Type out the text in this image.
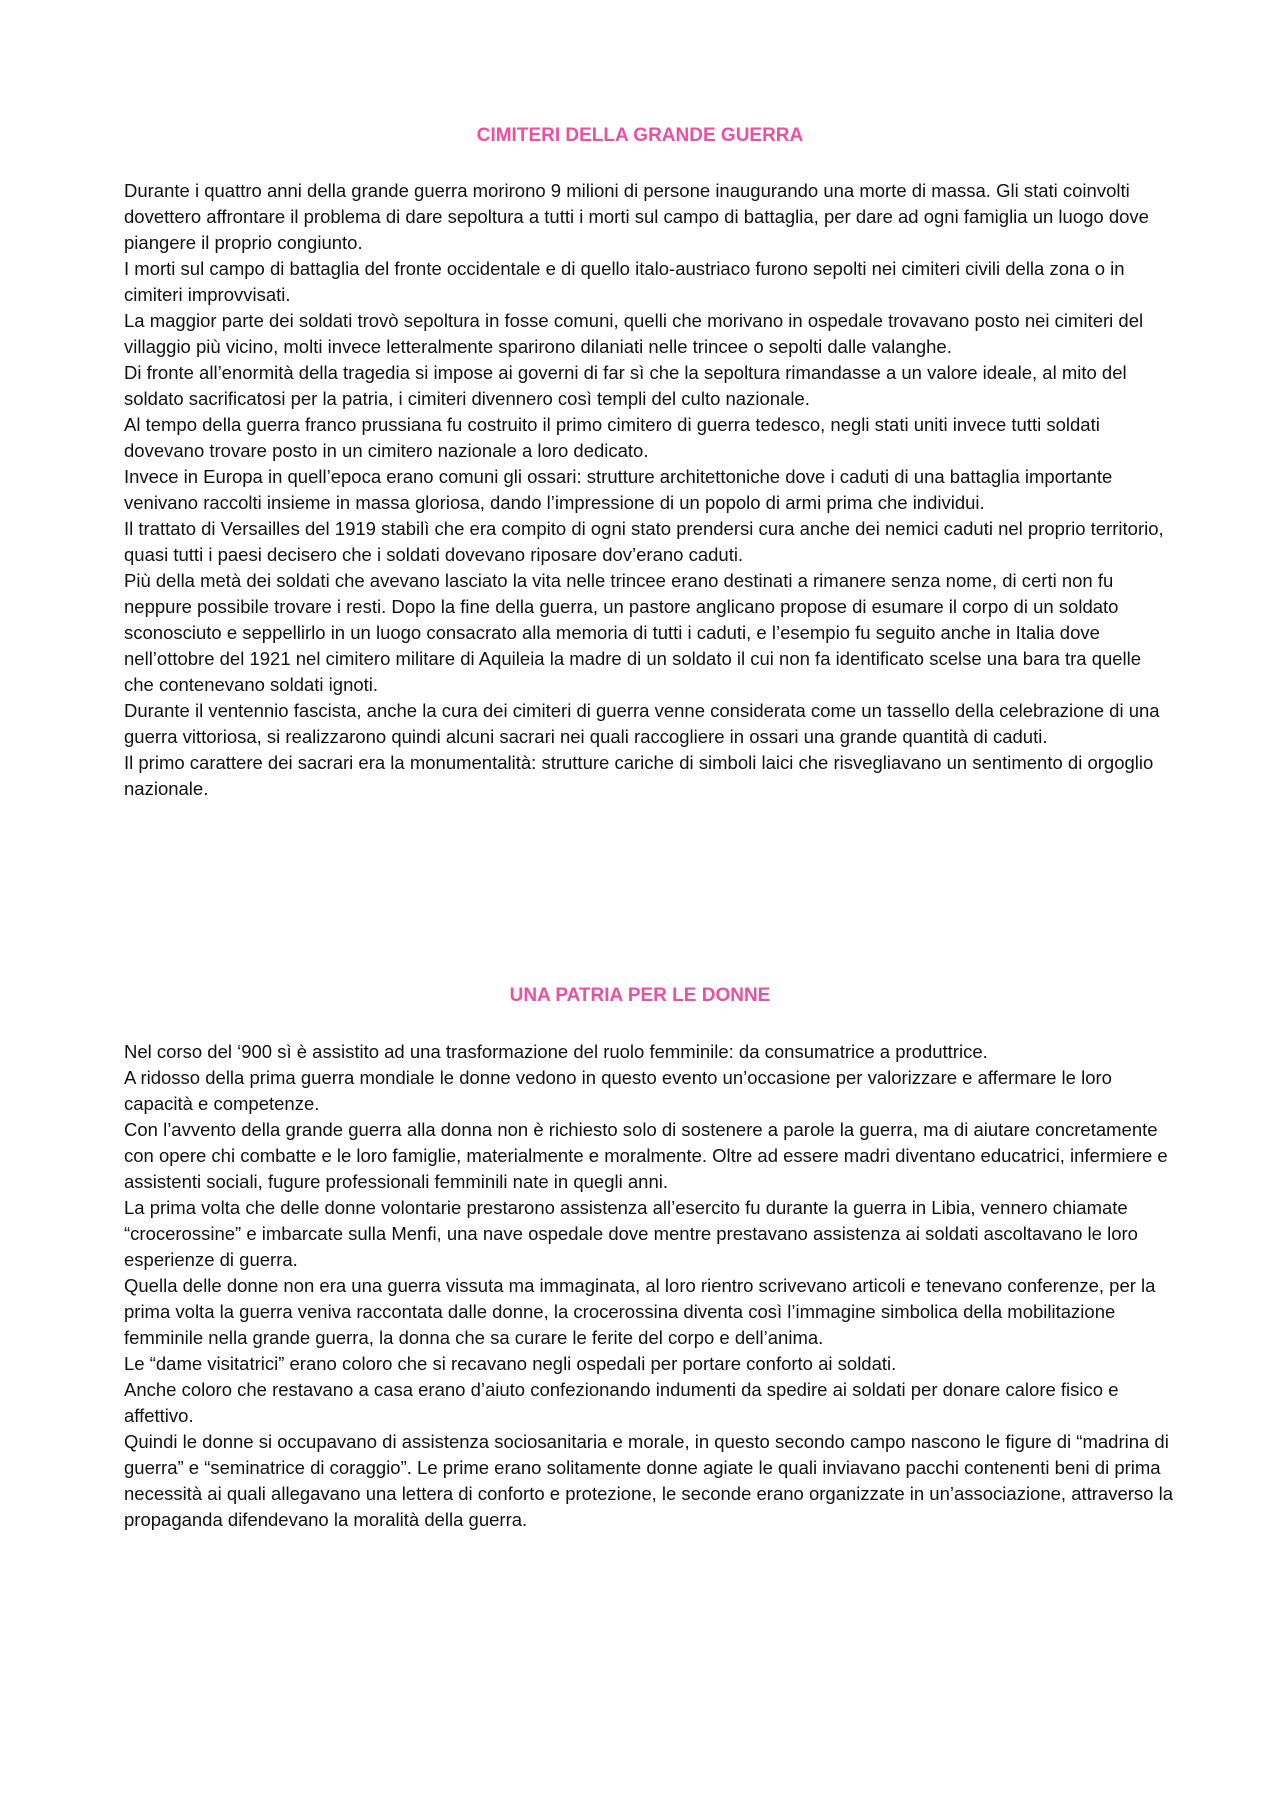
CIMITERI DELLA GRANDE GUERRA

Durante i quattro anni della grande guerra morirono 9 milioni di persone inaugurando una morte di massa. Gli stati coinvolti dovettero affrontare il problema di dare sepoltura a tutti i morti sul campo di battaglia, per dare ad ogni famiglia un luogo dove piangere il proprio congiunto.

I morti sul campo di battaglia del fronte occidentale e di quello italo-austriaco furono sepolti nei cimiteri civili della zona o in cimiteri improvvisati.

La maggior parte dei soldati trovò sepoltura in fosse comuni, quelli che morivano in ospedale trovavano posto nei cimiteri del villaggio più vicino, molti invece letteralmente sparirono dilaniati nelle trincee o sepolti dalle valanghe.

Di fronte all’enormità della tragedia si impose ai governi di far sì che la sepoltura rimandasse a un valore ideale, al mito del soldato sacrificatosi per la patria, i cimiteri divennero così templi del culto nazionale.

Al tempo della guerra franco prussiana fu costruito il primo cimitero di guerra tedesco, negli stati uniti invece tutti soldati dovevano trovare posto in un cimitero nazionale a loro dedicato.

Invece in Europa in quell’epoca erano comuni gli ossari: strutture architettoniche dove i caduti di una battaglia importante venivano raccolti insieme in massa gloriosa, dando l’impressione di un popolo di armi prima che individui.

Il trattato di Versailles del 1919 stabilì che era compito di ogni stato prendersi cura anche dei nemici caduti nel proprio territorio, quasi tutti i paesi decisero che i soldati dovevano riposare dov’erano caduti.

Più della metà dei soldati che avevano lasciato la vita nelle trincee erano destinati a rimanere senza nome, di certi non fu neppure possibile trovare i resti. Dopo la fine della guerra, un pastore anglicano propose di esumare il corpo di un soldato sconosciuto e seppellirlo in un luogo consacrato alla memoria di tutti i caduti, e l’esempio fu seguito anche in Italia dove nell’ottobre del 1921 nel cimitero militare di Aquileia la madre di un soldato il cui non fa identificato scelse una bara tra quelle che contenevano soldati ignoti.

Durante il ventennio fascista, anche la cura dei cimiteri di guerra venne considerata come un tassello della celebrazione di una guerra vittoriosa, si realizzarono quindi alcuni sacrari nei quali raccogliere in ossari una grande quantità di caduti.

Il primo carattere dei sacrari era la monumentalità: strutture cariche di simboli laici che risvegliavano un sentimento di orgoglio nazionale.

UNA PATRIA PER LE DONNE

Nel corso del ‘900 sì è assistito ad una trasformazione del ruolo femminile: da consumatrice a produttrice.

A ridosso della prima guerra mondiale le donne vedono in questo evento un’occasione per valorizzare e affermare le loro capacità e competenze.

Con l’avvento della grande guerra alla donna non è richiesto solo di sostenere a parole la guerra, ma di aiutare concretamente con opere chi combatte e le loro famiglie, materialmente e moralmente. Oltre ad essere madri diventano educatrici, infermiere e assistenti sociali, fugure professionali femminili nate in quegli anni.

La prima volta che delle donne volontarie prestarono assistenza all’esercito fu durante la guerra in Libia, vennero chiamate “crocerossine” e imbarcate sulla Menfi, una nave ospedale dove mentre prestavano assistenza ai soldati ascoltavano le loro esperienze di guerra.

Quella delle donne non era una guerra vissuta ma immaginata, al loro rientro scrivevano articoli e tenevano conferenze, per la prima volta la guerra veniva raccontata dalle donne, la crocerossina diventa così l’immagine simbolica della mobilitazione femminile nella grande guerra, la donna che sa curare le ferite del corpo e dell’anima.

Le “dame visitatrici” erano coloro che si recavano negli ospedali per portare conforto ai soldati.

Anche coloro che restavano a casa erano d’aiuto confezionando indumenti da spedire ai soldati per donare calore fisico e affettivo.

Quindi le donne si occupavano di assistenza sociosanitaria e morale, in questo secondo campo nascono le figure di “madrina di guerra” e “seminatrice di coraggio”. Le prime erano solitamente donne agiate le quali inviavano pacchi contenenti beni di prima necessità ai quali allegavano una lettera di conforto e protezione, le seconde erano organizzate in un’associazione, attraverso la propaganda difendevano la moralità della guerra.
